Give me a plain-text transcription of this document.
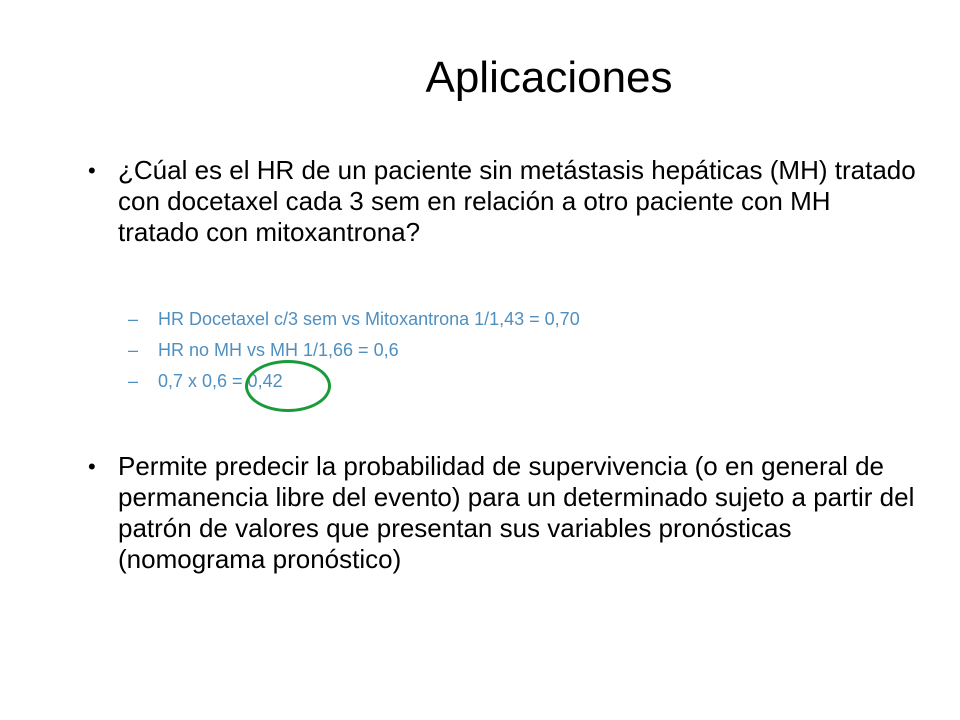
Aplicaciones
• ¿Cúal es el HR de un paciente sin metástasis hepáticas (MH) tratado con docetaxel cada 3 sem en relación a otro paciente con MH tratado con mitoxantrona?
– HR Docetaxel c/3 sem vs Mitoxantrona 1/1,43 = 0,70
– HR no MH vs MH 1/1,66 = 0,6
– 0,7 x 0,6 = 0,42
• Permite predecir la probabilidad de supervivencia (o en general de permanencia libre del evento) para un determinado sujeto a partir del patrón de valores que presentan sus variables pronósticas (nomograma pronóstico)
